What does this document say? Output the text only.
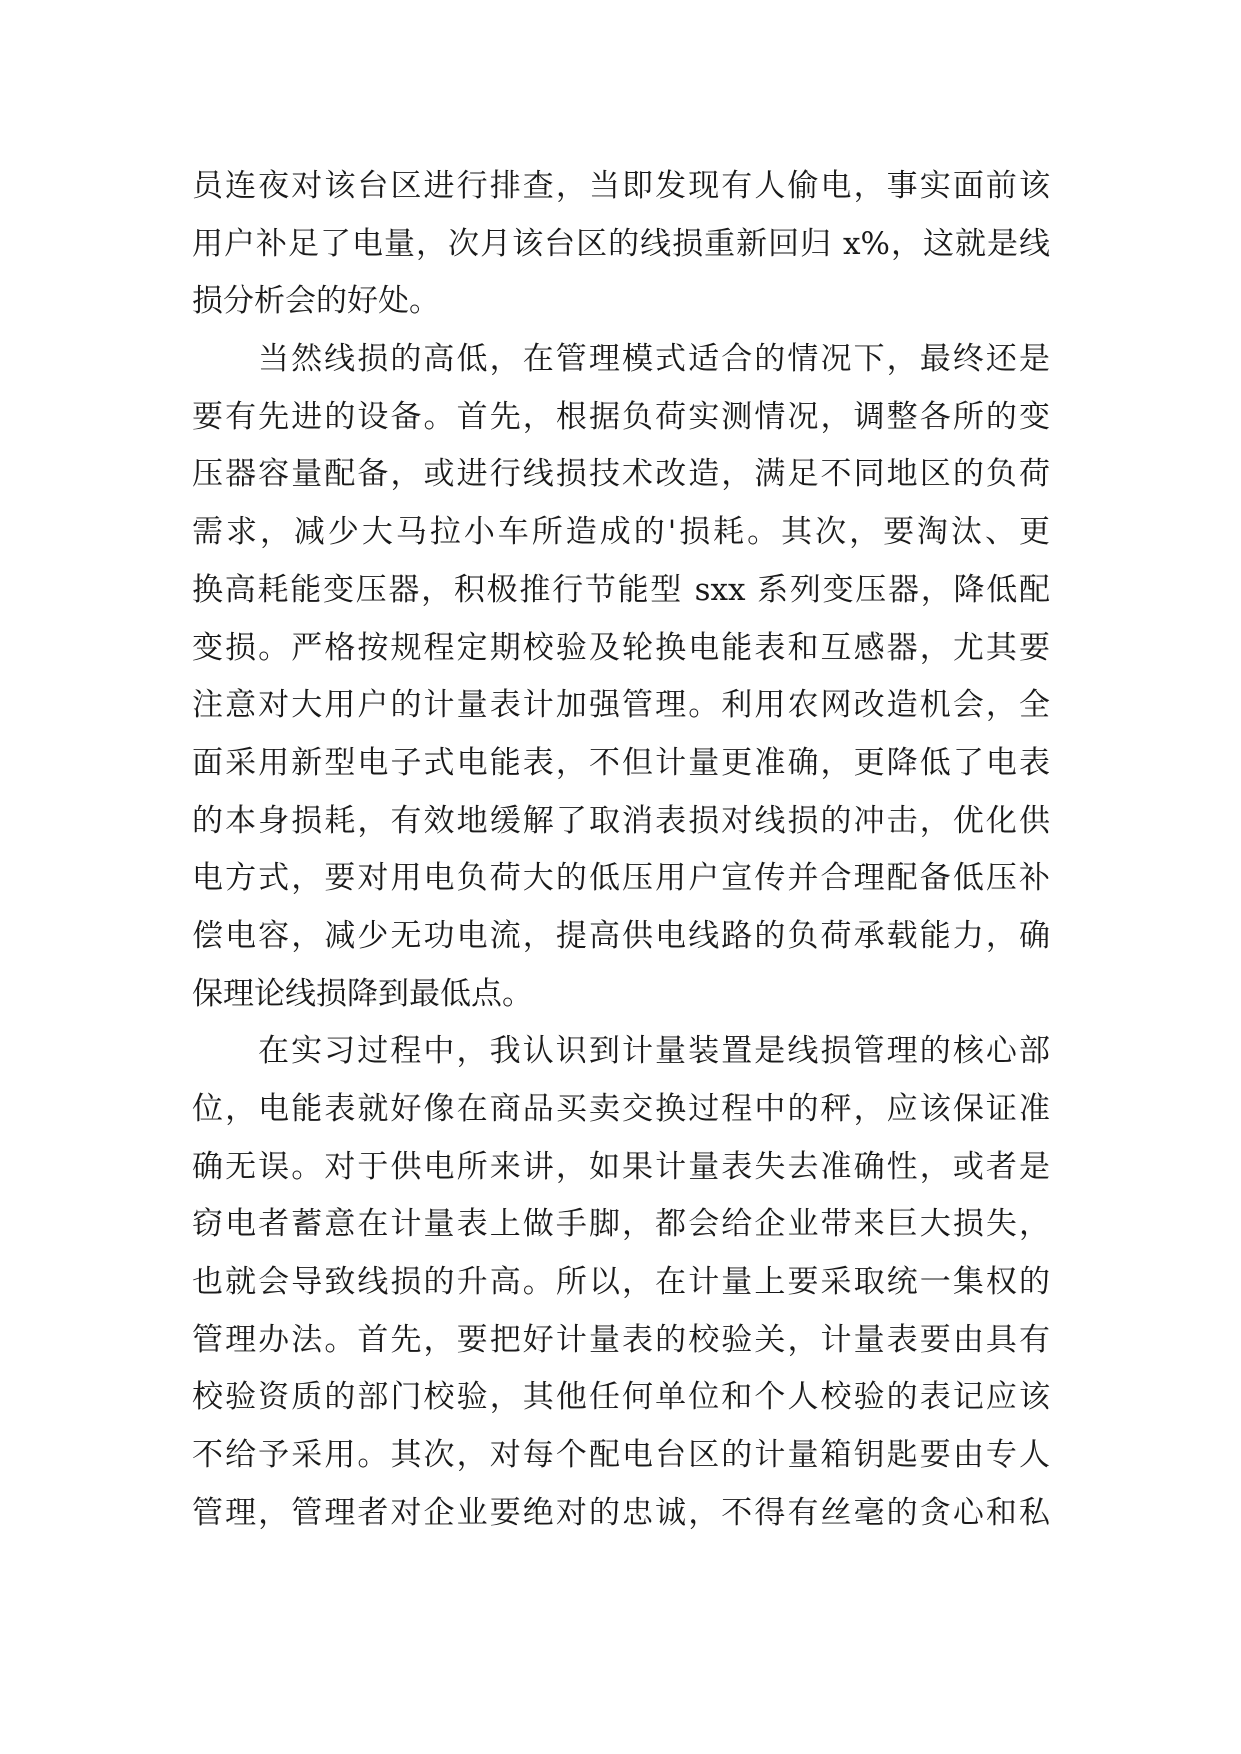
员连夜对该台区进行排查，当即发现有人偷电，事实面前该
用户补足了电量，次月该台区的线损重新回归 x%，这就是线
损分析会的好处。
当然线损的高低，在管理模式适合的情况下，最终还是
要有先进的设备。首先，根据负荷实测情况，调整各所的变
压器容量配备，或进行线损技术改造，满足不同地区的负荷
需求，减少大马拉小车所造成的'损耗。其次，要淘汰、更
换高耗能变压器，积极推行节能型 sxx 系列变压器，降低配
变损。严格按规程定期校验及轮换电能表和互感器，尤其要
注意对大用户的计量表计加强管理。利用农网改造机会，全
面采用新型电子式电能表，不但计量更准确，更降低了电表
的本身损耗，有效地缓解了取消表损对线损的冲击，优化供
电方式，要对用电负荷大的低压用户宣传并合理配备低压补
偿电容，减少无功电流，提高供电线路的负荷承载能力，确
保理论线损降到最低点。
在实习过程中，我认识到计量装置是线损管理的核心部
位，电能表就好像在商品买卖交换过程中的秤，应该保证准
确无误。对于供电所来讲，如果计量表失去准确性，或者是
窃电者蓄意在计量表上做手脚，都会给企业带来巨大损失，
也就会导致线损的升高。所以，在计量上要采取统一集权的
管理办法。首先，要把好计量表的校验关，计量表要由具有
校验资质的部门校验，其他任何单位和个人校验的表记应该
不给予采用。其次，对每个配电台区的计量箱钥匙要由专人
管理，管理者对企业要绝对的忠诚，不得有丝毫的贪心和私
